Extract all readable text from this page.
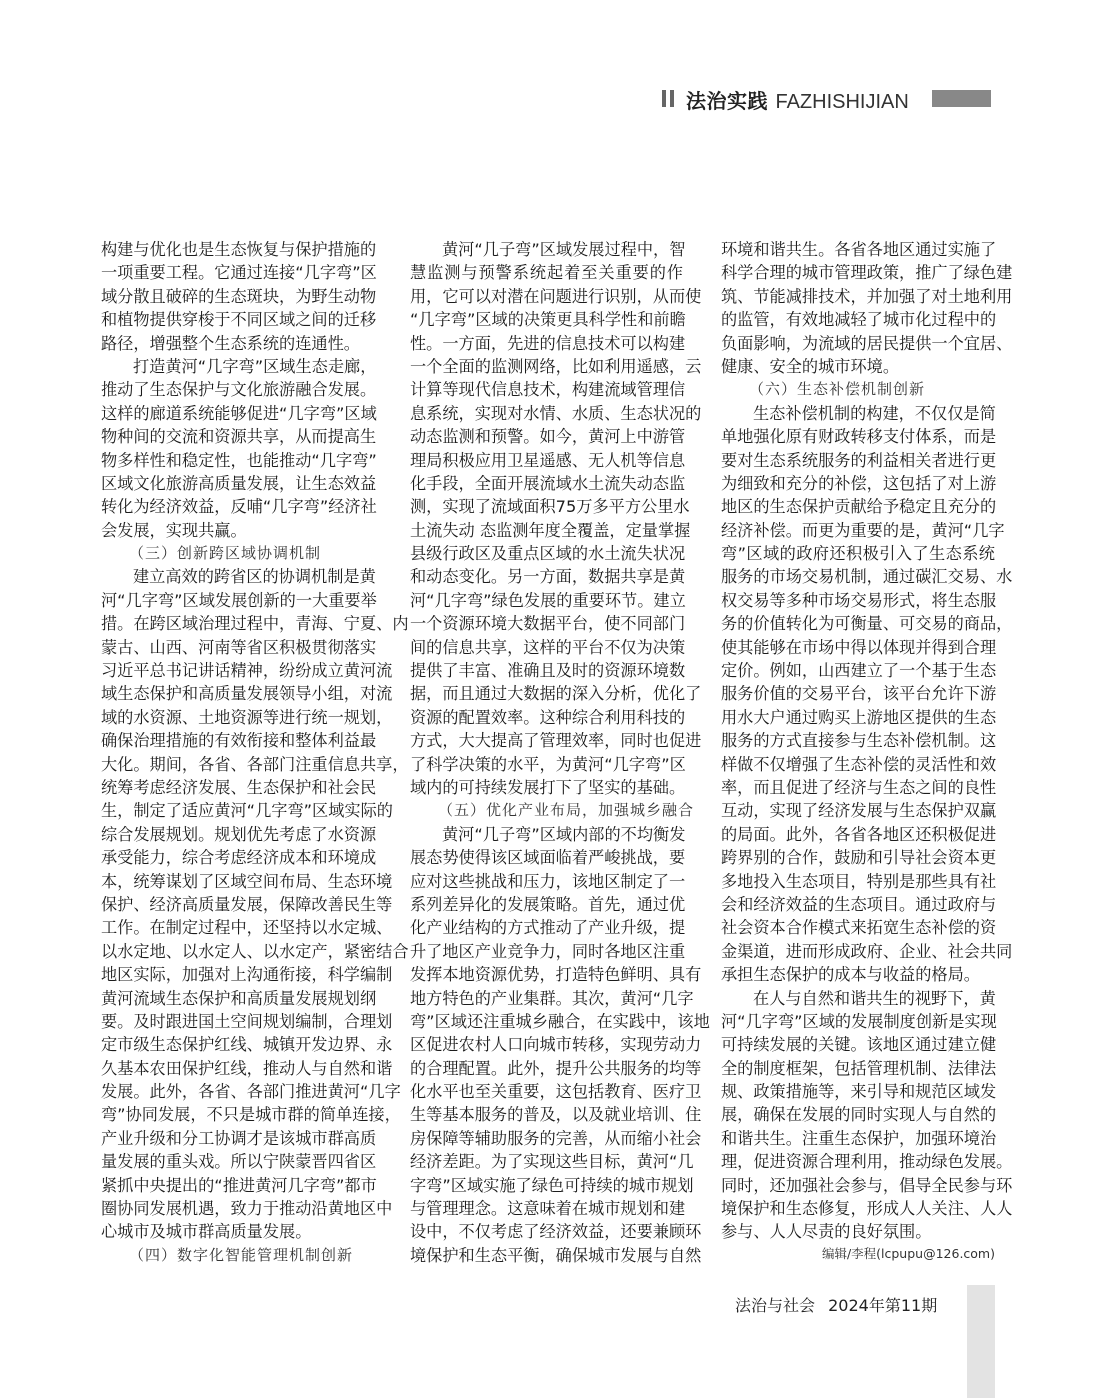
法治实践 FAZHISHIJIAN
构建与优化也是生态恢复与保护措施的
一项重要工程。它通过连接“几字弯”区
域分散且破碎的生态斑块，为野生动物
和植物提供穿梭于不同区域之间的迁移
路径，增强整个生态系统的连通性。
打造黄河“几字弯”区域生态走廊，
推动了生态保护与文化旅游融合发展。
这样的廊道系统能够促进“几字弯”区域
物种间的交流和资源共享，从而提高生
物多样性和稳定性，也能推动“几字弯”
区域文化旅游高质量发展，让生态效益
转化为经济效益，反哺“几字弯”经济社
会发展，实现共赢。
（三）创新跨区域协调机制
建立高效的跨省区的协调机制是黄
河“几字弯”区域发展创新的一大重要举
措。在跨区域治理过程中，青海、宁夏、内
蒙古、山西、河南等省区积极贯彻落实
习近平总书记讲话精神，纷纷成立黄河流
域生态保护和高质量发展领导小组，对流
域的水资源、土地资源等进行统一规划，
确保治理措施的有效衔接和整体利益最
大化。期间，各省、各部门注重信息共享，
统筹考虑经济发展、生态保护和社会民
生，制定了适应黄河“几字弯”区域实际的
综合发展规划。规划优先考虑了水资源
承受能力，综合考虑经济成本和环境成
本，统筹谋划了区域空间布局、生态环境
保护、经济高质量发展，保障改善民生等
工作。在制定过程中，还坚持以水定城、
以水定地、以水定人、以水定产，紧密结合
地区实际，加强对上沟通衔接，科学编制
黄河流域生态保护和高质量发展规划纲
要。及时跟进国土空间规划编制，合理划
定市级生态保护红线、城镇开发边界、永
久基本农田保护红线，推动人与自然和谐
发展。此外，各省、各部门推进黄河“几字
弯”协同发展，不只是城市群的简单连接，
产业升级和分工协调才是该城市群高质
量发展的重头戏。所以宁陕蒙晋四省区
紧抓中央提出的“推进黄河几字弯”都市
圈协同发展机遇，致力于推动沿黄地区中
心城市及城市群高质量发展。
（四）数字化智能管理机制创新
黄河“几子弯”区域发展过程中，智
慧监测与预警系统起着至关重要的作
用，它可以对潜在问题进行识别，从而使
“几字弯”区域的决策更具科学性和前瞻
性。一方面，先进的信息技术可以构建
一个全面的监测网络，比如利用遥感，云
计算等现代信息技术，构建流域管理信
息系统，实现对水情、水质、生态状况的
动态监测和预警。如今，黄河上中游管
理局积极应用卫星遥感、无人机等信息
化手段，全面开展流域水土流失动态监
测，实现了流域面积75万多平方公里水
土流失动 态监测年度全覆盖，定量掌握
县级行政区及重点区域的水土流失状况
和动态变化。另一方面，数据共享是黄
河“几字弯”绿色发展的重要环节。建立
一个资源环境大数据平台，使不同部门
间的信息共享，这样的平台不仅为决策
提供了丰富、准确且及时的资源环境数
据，而且通过大数据的深入分析，优化了
资源的配置效率。这种综合利用科技的
方式，大大提高了管理效率，同时也促进
了科学决策的水平，为黄河“几字弯”区
域内的可持续发展打下了坚实的基础。
（五）优化产业布局，加强城乡融合
黄河“几子弯”区域内部的不均衡发
展态势使得该区域面临着严峻挑战，要
应对这些挑战和压力，该地区制定了一
系列差异化的发展策略。首先，通过优
化产业结构的方式推动了产业升级，提
升了地区产业竞争力，同时各地区注重
发挥本地资源优势，打造特色鲜明、具有
地方特色的产业集群。其次，黄河“几字
弯”区域还注重城乡融合，在实践中，该地
区促进农村人口向城市转移，实现劳动力
的合理配置。此外，提升公共服务的均等
化水平也至关重要，这包括教育、医疗卫
生等基本服务的普及，以及就业培训、住
房保障等辅助服务的完善，从而缩小社会
经济差距。为了实现这些目标，黄河“几
字弯”区域实施了绿色可持续的城市规划
与管理理念。这意味着在城市规划和建
设中，不仅考虑了经济效益，还要兼顾环
境保护和生态平衡，确保城市发展与自然
环境和谐共生。各省各地区通过实施了
科学合理的城市管理政策，推广了绿色建
筑、节能减排技术，并加强了对土地利用
的监管，有效地减轻了城市化过程中的
负面影响，为流域的居民提供一个宜居、
健康、安全的城市环境。
（六）生态补偿机制创新
生态补偿机制的构建，不仅仅是简
单地强化原有财政转移支付体系，而是
要对生态系统服务的利益相关者进行更
为细致和充分的补偿，这包括了对上游
地区的生态保护贡献给予稳定且充分的
经济补偿。而更为重要的是，黄河“几字
弯”区域的政府还积极引入了生态系统
服务的市场交易机制，通过碳汇交易、水
权交易等多种市场交易形式，将生态服
务的价值转化为可衡量、可交易的商品，
使其能够在市场中得以体现并得到合理
定价。例如，山西建立了一个基于生态
服务价值的交易平台，该平台允许下游
用水大户通过购买上游地区提供的生态
服务的方式直接参与生态补偿机制。这
样做不仅增强了生态补偿的灵活性和效
率，而且促进了经济与生态之间的良性
互动，实现了经济发展与生态保护双赢
的局面。此外，各省各地区还积极促进
跨界别的合作，鼓励和引导社会资本更
多地投入生态项目，特别是那些具有社
会和经济效益的生态项目。通过政府与
社会资本合作模式来拓宽生态补偿的资
金渠道，进而形成政府、企业、社会共同
承担生态保护的成本与收益的格局。
在人与自然和谐共生的视野下，黄
河“几字弯”区域的发展制度创新是实现
可持续发展的关键。该地区通过建立健
全的制度框架，包括管理机制、法律法
规、政策措施等，来引导和规范区域发
展，确保在发展的同时实现人与自然的
和谐共生。注重生态保护，加强环境治
理，促进资源合理利用，推动绿色发展。
同时，还加强社会参与，倡导全民参与环
境保护和生态修复，形成人人关注、人人
参与、人人尽责的良好氛围。
编辑/李程(lcpupu@126.com)
法治与社会 2024年第11期
